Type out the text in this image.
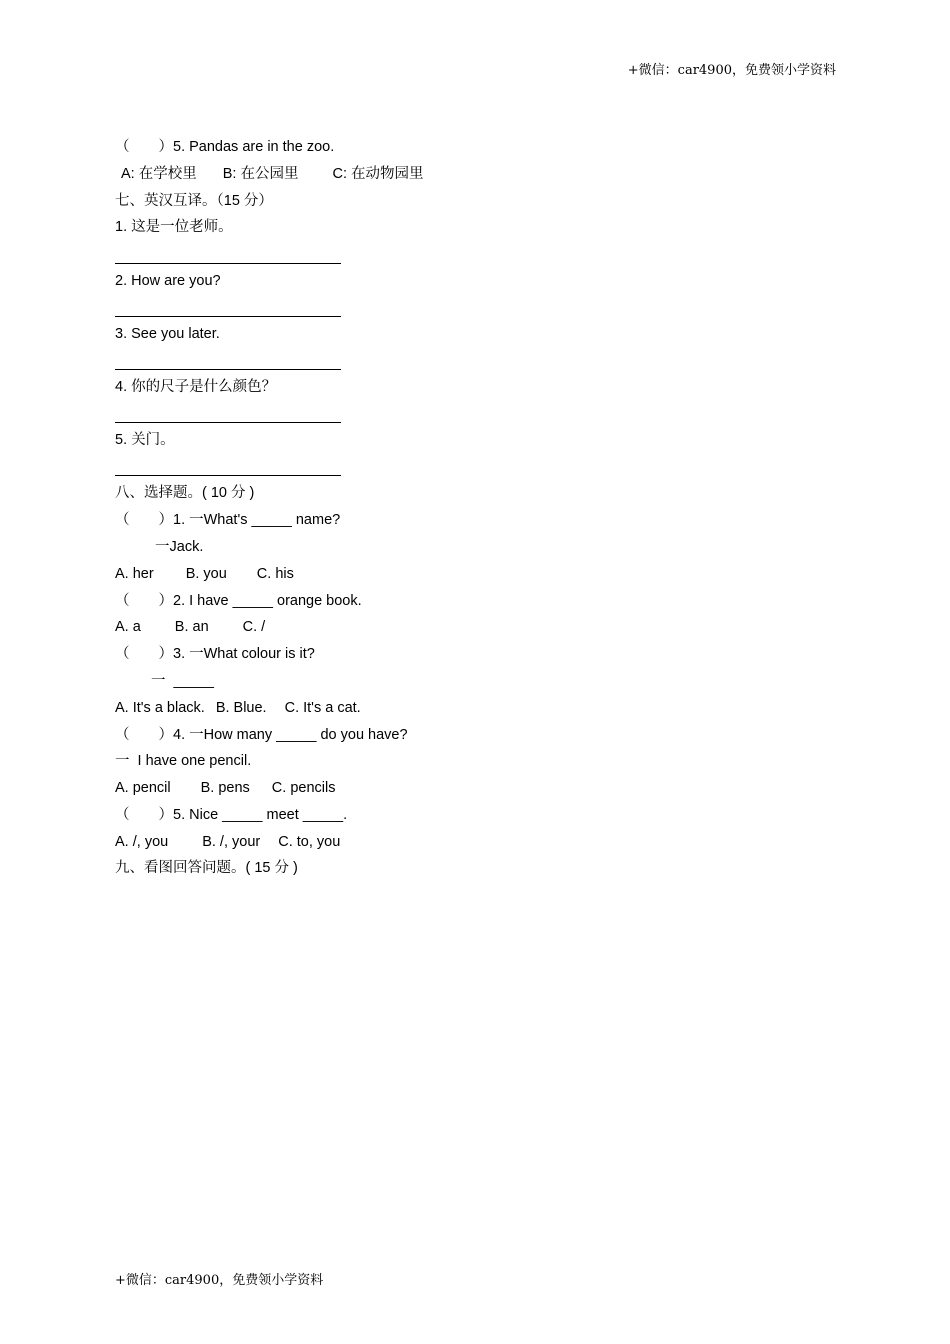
+微信：car4900，免费领小学资料
（　　）5. Pandas are in the zoo.
A: 在学校里 B: 在公园里 C: 在动物园里
七、英汉互译。（15 分）
1. 这是一位老师。
2. How are you?
3. See you later.
4. 你的尺子是什么颜色？
5. 关门。
八、选择题。( 10 分 )
（　　）1. 一What's _____ name?
一Jack.
A. her B. you C. his
（　　）2. I have _____ orange book.
A. a B. an C. /
（　　）3. 一What colour is it?
一  _____
A. It's a black. B. Blue. C. It's a cat.
（　　）4. 一How many _____ do you have?
一  I have one pencil.
A. pencil B. pens C. pencils
（　　）5. Nice _____ meet _____.
A. /, you B. /, your C. to, you
九、看图回答问题。( 15 分 )
+微信：car4900，免费领小学资料
